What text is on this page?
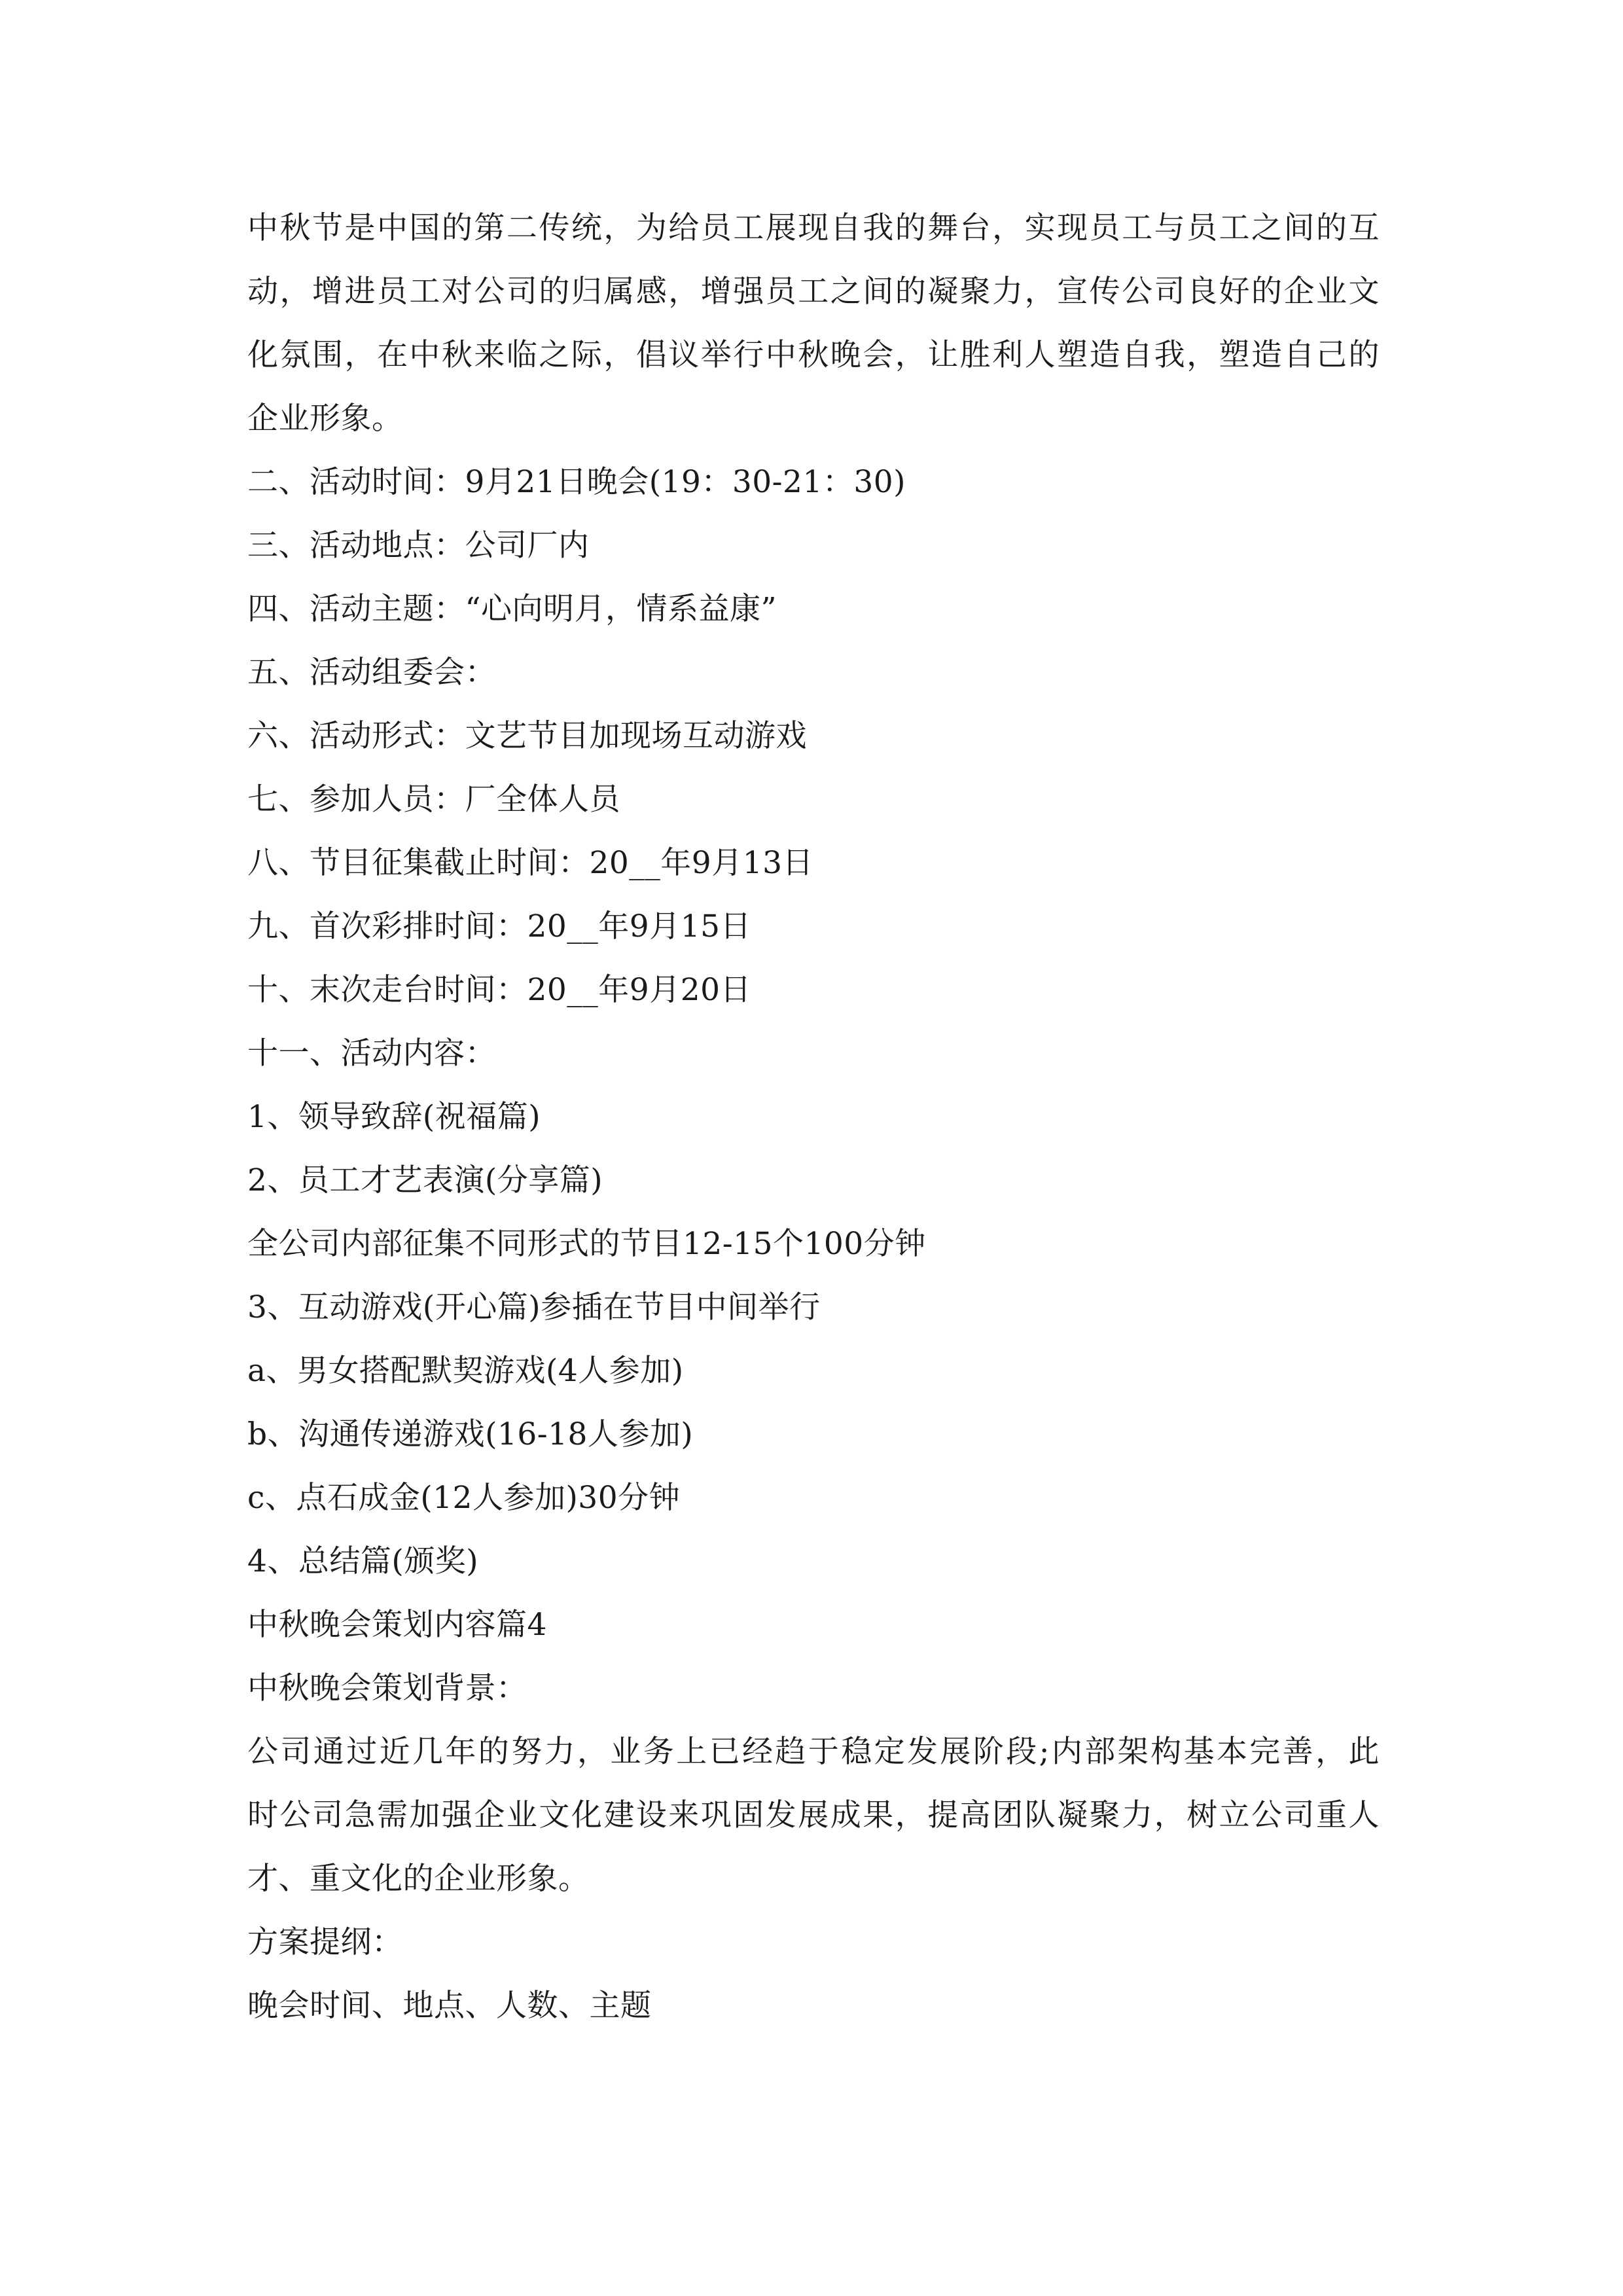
中秋节是中国的第二传统，为给员工展现自我的舞台，实现员工与员工之间的互
动，增进员工对公司的归属感，增强员工之间的凝聚力，宣传公司良好的企业文
化氛围，在中秋来临之际，倡议举行中秋晚会，让胜利人塑造自我，塑造自己的
企业形象。
二、活动时间：9月21日晚会(19：30-21：30)
三、活动地点：公司厂内
四、活动主题：“心向明月，情系益康”
五、活动组委会：
六、活动形式：文艺节目加现场互动游戏
七、参加人员：厂全体人员
八、节目征集截止时间：20__年9月13日
九、首次彩排时间：20__年9月15日
十、末次走台时间：20__年9月20日
十一、活动内容：
1、领导致辞(祝福篇)
2、员工才艺表演(分享篇)
全公司内部征集不同形式的节目12-15个100分钟
3、互动游戏(开心篇)参插在节目中间举行
a、男女搭配默契游戏(4人参加)
b、沟通传递游戏(16-18人参加)
c、点石成金(12人参加)30分钟
4、总结篇(颁奖)
中秋晚会策划内容篇4
中秋晚会策划背景：
公司通过近几年的努力，业务上已经趋于稳定发展阶段;内部架构基本完善，此
时公司急需加强企业文化建设来巩固发展成果，提高团队凝聚力，树立公司重人
才、重文化的企业形象。
方案提纲：
晚会时间、地点、人数、主题
